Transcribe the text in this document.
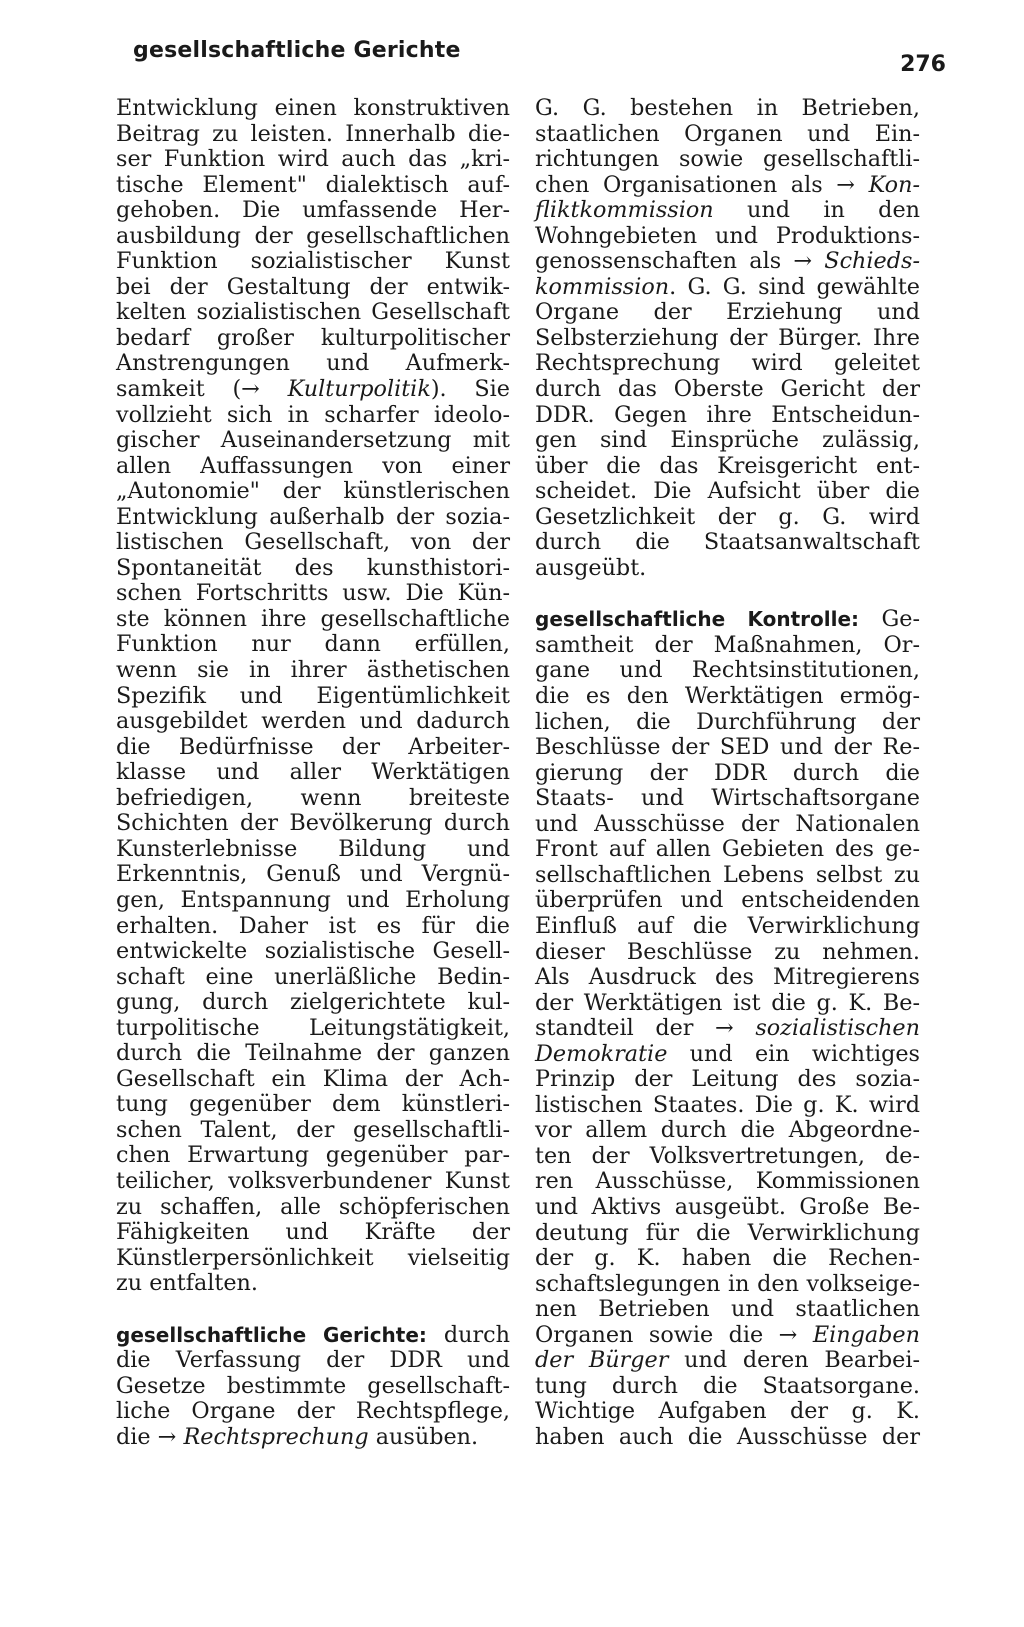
gesellschaftliche Gerichte
276
Entwicklung einen konstruktiven
Beitrag zu leisten. Innerhalb die-
ser Funktion wird auch das „kri-
tische Element" dialektisch auf-
gehoben. Die umfassende Her-
ausbildung der gesellschaftlichen
Funktion sozialistischer Kunst
bei der Gestaltung der entwik-
kelten sozialistischen Gesellschaft
bedarf großer kulturpolitischer
Anstrengungen und Aufmerk-
samkeit (→ Kulturpolitik). Sie
vollzieht sich in scharfer ideolo-
gischer Auseinandersetzung mit
allen Auffassungen von einer
„Autonomie" der künstlerischen
Entwicklung außerhalb der sozia-
listischen Gesellschaft, von der
Spontaneität des kunsthistori-
schen Fortschritts usw. Die Kün-
ste können ihre gesellschaftliche
Funktion nur dann erfüllen,
wenn sie in ihrer ästhetischen
Spezifik und Eigentümlichkeit
ausgebildet werden und dadurch
die Bedürfnisse der Arbeiter-
klasse und aller Werktätigen
befriedigen, wenn breiteste
Schichten der Bevölkerung durch
Kunsterlebnisse Bildung und
Erkenntnis, Genuß und Vergnü-
gen, Entspannung und Erholung
erhalten. Daher ist es für die
entwickelte sozialistische Gesell-
schaft eine unerläßliche Bedin-
gung, durch zielgerichtete kul-
turpolitische Leitungstätigkeit,
durch die Teilnahme der ganzen
Gesellschaft ein Klima der Ach-
tung gegenüber dem künstleri-
schen Talent, der gesellschaftli-
chen Erwartung gegenüber par-
teilicher, volksverbundener Kunst
zu schaffen, alle schöpferischen
Fähigkeiten und Kräfte der
Künstlerpersönlichkeit vielseitig
zu entfalten.
gesellschaftliche Gerichte: durch
die Verfassung der DDR und
Gesetze bestimmte gesellschaft-
liche Organe der Rechtspflege,
die → Rechtsprechung ausüben.
G. G. bestehen in Betrieben,
staatlichen Organen und Ein-
richtungen sowie gesellschaftli-
chen Organisationen als → Kon-
fliktkommission und in den
Wohngebieten und Produktions-
genossenschaften als → Schieds-
kommission. G. G. sind gewählte
Organe der Erziehung und
Selbsterziehung der Bürger. Ihre
Rechtsprechung wird geleitet
durch das Oberste Gericht der
DDR. Gegen ihre Entscheidun-
gen sind Einsprüche zulässig,
über die das Kreisgericht ent-
scheidet. Die Aufsicht über die
Gesetzlichkeit der g. G. wird
durch die Staatsanwaltschaft
ausgeübt.
gesellschaftliche Kontrolle: Ge-
samtheit der Maßnahmen, Or-
gane und Rechtsinstitutionen,
die es den Werktätigen ermög-
lichen, die Durchführung der
Beschlüsse der SED und der Re-
gierung der DDR durch die
Staats- und Wirtschaftsorgane
und Ausschüsse der Nationalen
Front auf allen Gebieten des ge-
sellschaftlichen Lebens selbst zu
überprüfen und entscheidenden
Einfluß auf die Verwirklichung
dieser Beschlüsse zu nehmen.
Als Ausdruck des Mitregierens
der Werktätigen ist die g. K. Be-
standteil der → sozialistischen
Demokratie und ein wichtiges
Prinzip der Leitung des sozia-
listischen Staates. Die g. K. wird
vor allem durch die Abgeordne-
ten der Volksvertretungen, de-
ren Ausschüsse, Kommissionen
und Aktivs ausgeübt. Große Be-
deutung für die Verwirklichung
der g. K. haben die Rechen-
schaftslegungen in den volkseige-
nen Betrieben und staatlichen
Organen sowie die → Eingaben
der Bürger und deren Bearbei-
tung durch die Staatsorgane.
Wichtige Aufgaben der g. K.
haben auch die Ausschüsse der
